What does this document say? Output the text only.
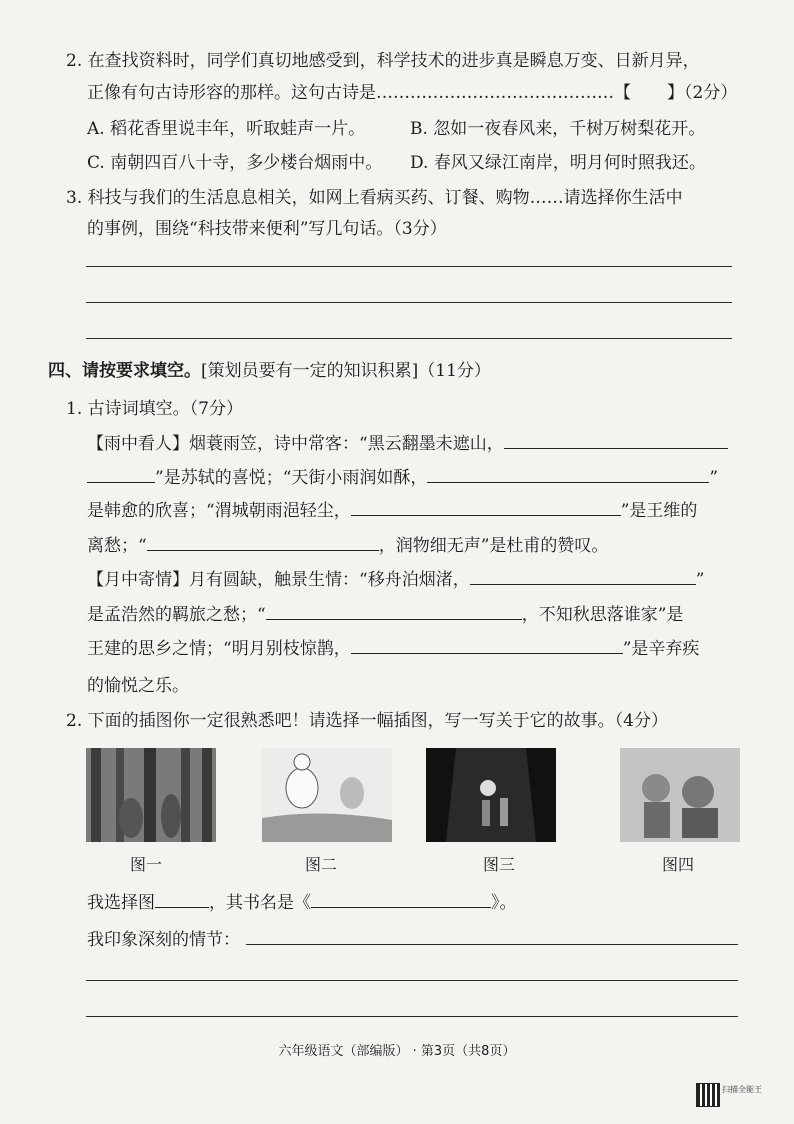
2. 在查找资料时，同学们真切地感受到，科学技术的进步真是瞬息万变、日新月异，
正像有句古诗形容的那样。这句古诗是……………………………………【 】（2分）
A. 稻花香里说丰年，听取蛙声一片。	B. 忽如一夜春风来，千树万树梨花开。
C. 南朝四百八十寺，多少楼台烟雨中。 D. 春风又绿江南岸，明月何时照我还。
3. 科技与我们的生活息息相关，如网上看病买药、订餐、购物……请选择你生活中
的事例，围绕“科技带来便利”写几句话。（3分）
四、请按要求填空。[策划员要有一定的知识积累]（11分）
1. 古诗词填空。（7分）
【雨中看人】烟蓑雨笠，诗中常客：“黑云翻墨未遮山，
”是苏轼的喜悦；“天街小雨润如酥，	”
是韩愈的欣喜；“渭城朝雨浥轻尘，	”是王维的
离愁；“	，润物细无声”是杜甫的赞叹。
【月中寄情】月有圆缺，触景生情：“移舟泊烟渚，	”
是孟浩然的羁旅之愁；“	，不知秋思落谁家”是
王建的思乡之情；“明月别枝惊鹊，	”是辛弃疾
的愉悦之乐。
2. 下面的插图你一定很熟悉吧！请选择一幅插图，写一写关于它的故事。（4分）
图一	图二	图三	图四
我选择图	，其书名是《	》。
我印象深刻的情节：
六年级语文（部编版） · 第3页（共8页）
扫描全能王
